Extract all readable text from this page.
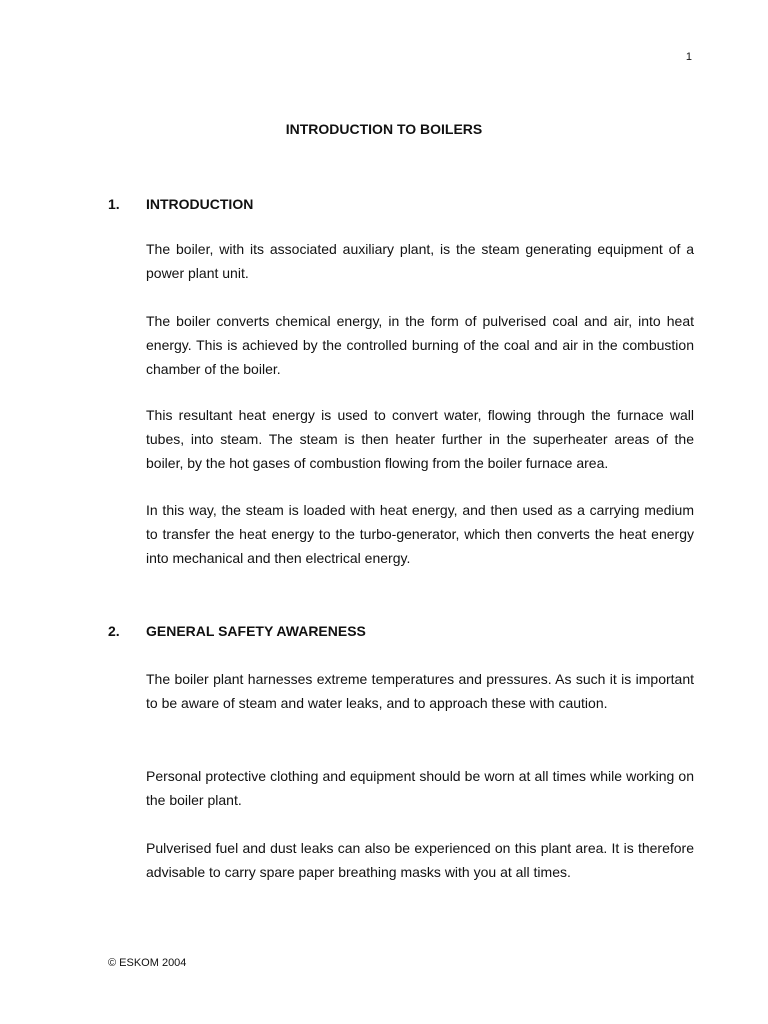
1
INTRODUCTION TO BOILERS
1. INTRODUCTION

The boiler, with its associated auxiliary plant, is the steam generating equipment of a power plant unit.

The boiler converts chemical energy, in the form of pulverised coal and air, into heat energy. This is achieved by the controlled burning of the coal and air in the combustion chamber of the boiler.

This resultant heat energy is used to convert water, flowing through the furnace wall tubes, into steam. The steam is then heater further in the superheater areas of the boiler, by the hot gases of combustion flowing from the boiler furnace area.

In this way, the steam is loaded with heat energy, and then used as a carrying medium to transfer the heat energy to the turbo-generator, which then converts the heat energy into mechanical and then electrical energy.

2. GENERAL SAFETY AWARENESS

The boiler plant harnesses extreme temperatures and pressures. As such it is important to be aware of steam and water leaks, and to approach these with caution.

Personal protective clothing and equipment should be worn at all times while working on the boiler plant.

Pulverised fuel and dust leaks can also be experienced on this plant area. It is therefore advisable to carry spare paper breathing masks with you at all times.

© ESKOM 2004
